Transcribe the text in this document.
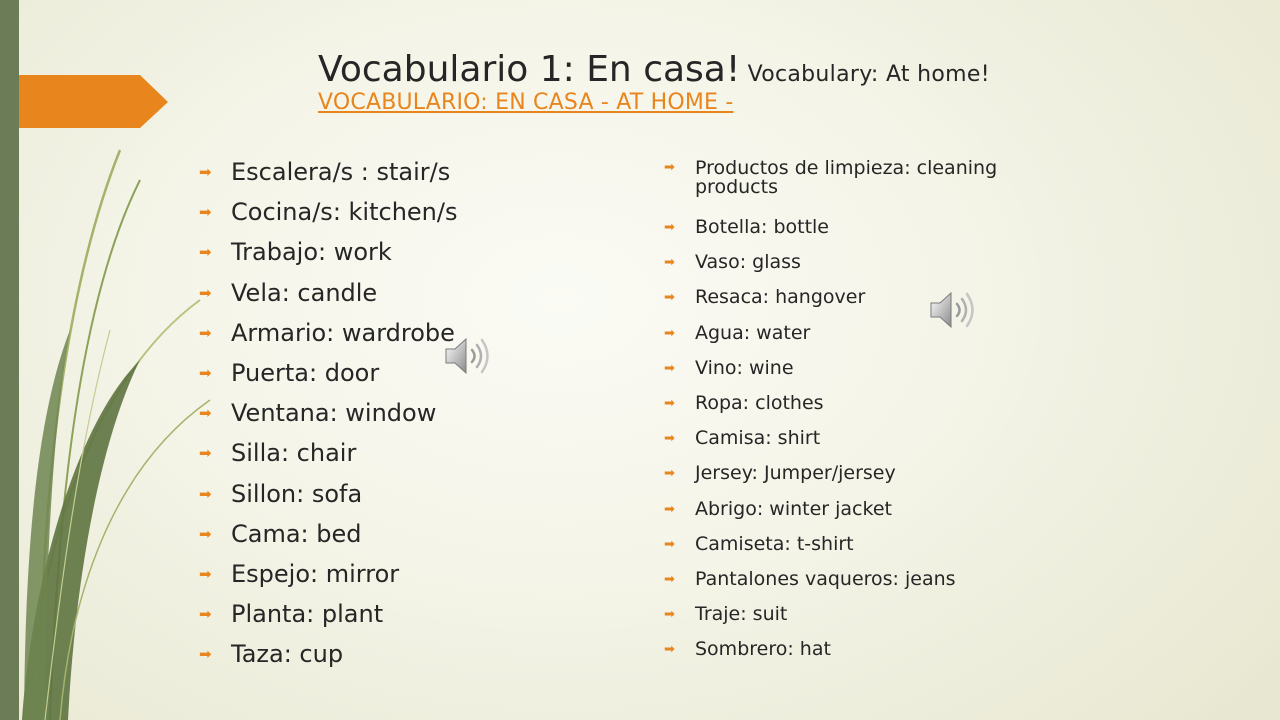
Vocabulario 1: En casa! Vocabulary: At home! VOCABULARIO: EN CASA - AT HOME -
➡ Escalera/s : stair/s
➡ Cocina/s: kitchen/s
➡ Trabajo: work
➡ Vela: candle
➡ Armario: wardrobe
➡ Puerta: door
➡ Ventana: window
➡ Silla: chair
➡ Sillon: sofa
➡ Cama: bed
➡ Espejo: mirror
➡ Planta: plant
➡ Taza: cup
➡ Productos de limpieza: cleaning products
➡ Botella: bottle
➡ Vaso: glass
➡ Resaca: hangover
➡ Agua: water
➡ Vino: wine
➡ Ropa: clothes
➡ Camisa: shirt
➡ Jersey: Jumper/jersey
➡ Abrigo: winter jacket
➡ Camiseta: t-shirt
➡ Pantalones vaqueros: jeans
➡ Traje: suit
➡ Sombrero: hat
